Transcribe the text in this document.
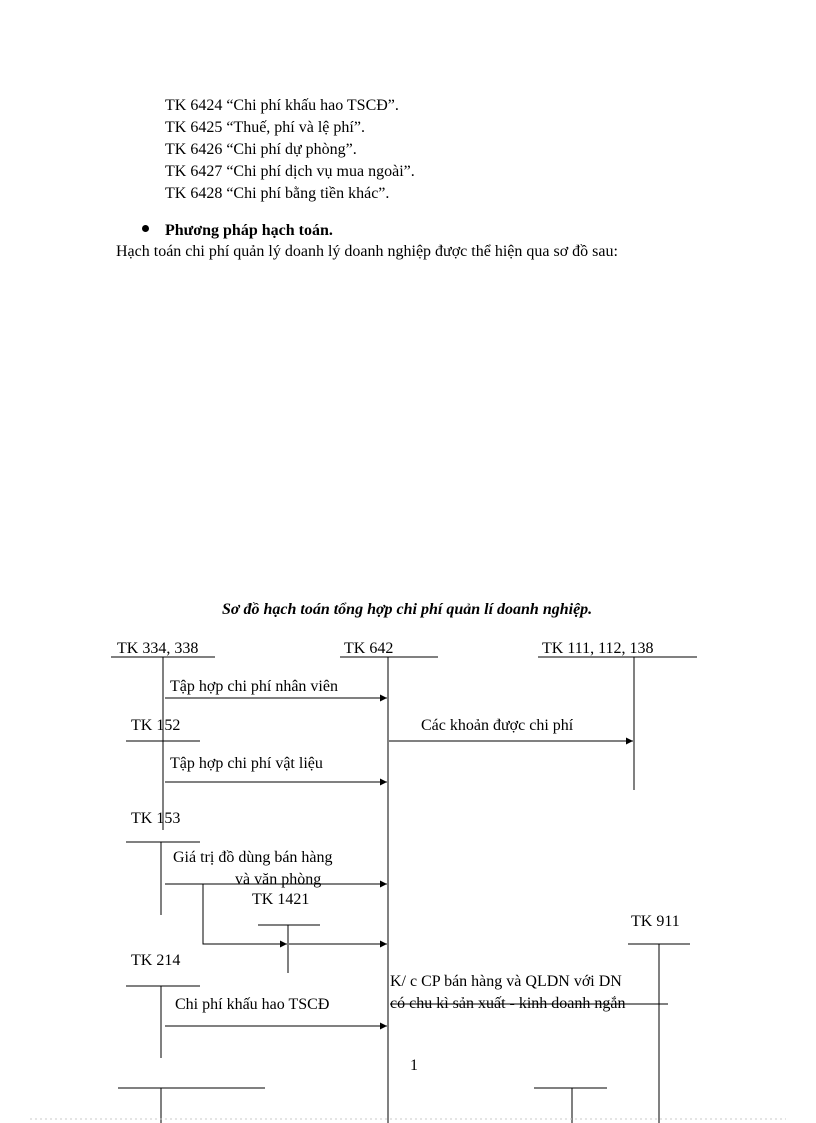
TK 6424 “Chi phí khấu hao TSCĐ”.
TK 6425 “Thuế, phí và lệ phí”.
TK 6426 “Chi phí dự phòng”.
TK 6427 “Chi phí dịch vụ mua ngoài”.
TK 6428 “Chi phí bằng tiền khác”.
Phương pháp hạch toán.
Hạch toán chi phí quản lý doanh lý doanh nghiệp được thể hiện qua sơ đồ sau:
Sơ đồ hạch toán tổng hợp chi phí quản lí doanh nghiệp.
TK 334, 338	TK 642	TK 111, 112, 138
Tập hợp chi phí nhân viên
TK 152	Các khoản được chi phí
Tập hợp chi phí vật liệu
TK 153
Giá trị đồ dùng bán hàng
và văn phòng
TK 1421
TK 911
TK 214
K/ c CP bán hàng và QLDN với DN
có chu kì sản xuất - kinh doanh ngắn
Chi phí khấu hao TSCĐ
1
